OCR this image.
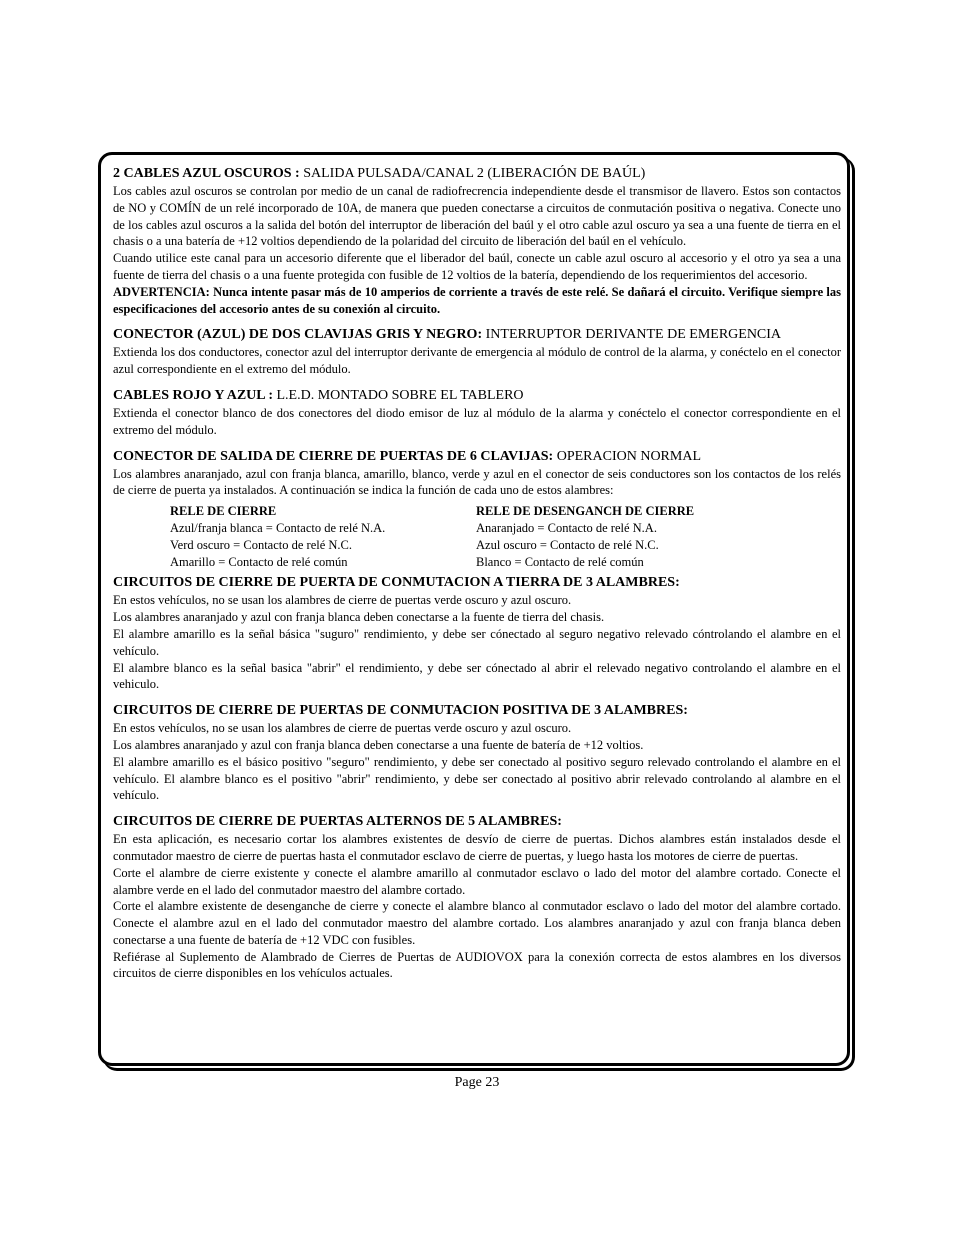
2 CABLES AZUL OSCUROS : SALIDA PULSADA/CANAL 2 (LIBERACIÓN DE BAÚL)

Los cables azul oscuros se controlan por medio de un canal de radiofrecrencia independiente desde el transmisor de llavero. Estos son contactos de NO y COMÍN de un relé incorporado de 10A, de manera que pueden conectarse a circuitos de conmutación positiva o negativa. Conecte uno de los cables azul oscuros a la salida del botón del interruptor de liberación del baúl y el otro cable azul oscuro ya sea a una fuente de tierra en el chasis o a una batería de +12 voltios dependiendo de la polaridad del circuito de liberación del baúl en el vehículo.

Cuando utilice este canal para un accesorio diferente que el liberador del baúl, conecte un cable azul oscuro al accesorio y el otro ya sea a una fuente de tierra del chasis o a una fuente protegida con fusible de 12 voltios de la batería, dependiendo de los requerimientos del accesorio.

ADVERTENCIA: Nunca intente pasar más de 10 amperios de corriente a través de este relé. Se dañará el circuito. Verifique siempre las especificaciones del accesorio antes de su conexión al circuito.

CONECTOR (AZUL) DE DOS CLAVIJAS GRIS Y NEGRO: INTERRUPTOR DERIVANTE DE EMERGENCIA

Extienda los dos conductores, conector azul del interruptor derivante de emergencia al módulo de control de la alarma, y conéctelo en el conector azul correspondiente en el extremo del módulo.

CABLES ROJO Y AZUL : L.E.D. MONTADO SOBRE EL TABLERO

Extienda el conector blanco de dos conectores del diodo emisor de luz al módulo de la alarma y conéctelo el conector correspondiente en el extremo del módulo.

CONECTOR DE SALIDA DE CIERRE DE PUERTAS DE 6 CLAVIJAS: OPERACION NORMAL

Los alambres anaranjado, azul con franja blanca, amarillo, blanco, verde y azul en el conector de seis conductores son los contactos de los relés de cierre de puerta ya instalados. A continuación se indica la función de cada uno de estos alambres:

RELE DE CIERRE

Azul/franja blanca = Contacto de relé N.A.

Verd oscuro = Contacto de relé N.C.

Amarillo = Contacto de relé común

RELE DE DESENGANCH DE CIERRE

Anaranjado = Contacto de relé N.A.

Azul oscuro = Contacto de relé N.C.

Blanco = Contacto de relé común

CIRCUITOS DE CIERRE DE PUERTA DE CONMUTACION A TIERRA DE 3 ALAMBRES:

En estos vehículos, no se usan los alambres de cierre de puertas verde oscuro y azul oscuro.

Los alambres anaranjado y azul con franja blanca deben conectarse a la fuente de tierra del chasis.

El alambre amarillo es la señal básica "suguro" rendimiento, y debe ser cónectado al seguro negativo relevado cóntrolando el alambre en el vehículo.

El alambre blanco es la señal basica "abrir" el rendimiento, y debe ser cónectado al abrir el relevado negativo controlando el alambre en el vehiculo.

CIRCUITOS DE CIERRE DE PUERTAS DE CONMUTACION POSITIVA DE 3 ALAMBRES:

En estos vehículos, no se usan los alambres de cierre de puertas verde oscuro y azul oscuro.

Los alambres anaranjado y azul con franja blanca deben conectarse a una fuente de batería de +12 voltios.

El alambre amarillo es el básico positivo "seguro" rendimiento, y debe ser conectado al positivo seguro relevado controlando el alambre en el vehículo. El alambre blanco es el positivo "abrir" rendimiento, y debe ser conectado al positivo abrir relevado controlando al alambre en el vehículo.

CIRCUITOS DE CIERRE DE PUERTAS ALTERNOS DE 5 ALAMBRES:

En esta aplicación, es necesario cortar los alambres existentes de desvío de cierre de puertas. Dichos alambres están instalados desde el conmutador maestro de cierre de puertas hasta el conmutador esclavo de cierre de puertas, y luego hasta los motores de cierre de puertas.

Corte el alambre de cierre existente y conecte el alambre amarillo al conmutador esclavo o lado del motor del alambre cortado. Conecte el alambre verde en el lado del conmutador maestro del alambre cortado.

Corte el alambre existente de desenganche de cierre y conecte el alambre blanco al conmutador esclavo o lado del motor del alambre cortado. Conecte el alambre azul en el lado del conmutador maestro del alambre cortado. Los alambres anaranjado y azul con franja blanca deben conectarse a una fuente de batería de +12 VDC con fusibles.

Refiérase al Suplemento de Alambrado de Cierres de Puertas de AUDIOVOX para la conexión correcta de estos alambres en los diversos circuitos de cierre disponibles en los vehículos actuales.

Page 23
